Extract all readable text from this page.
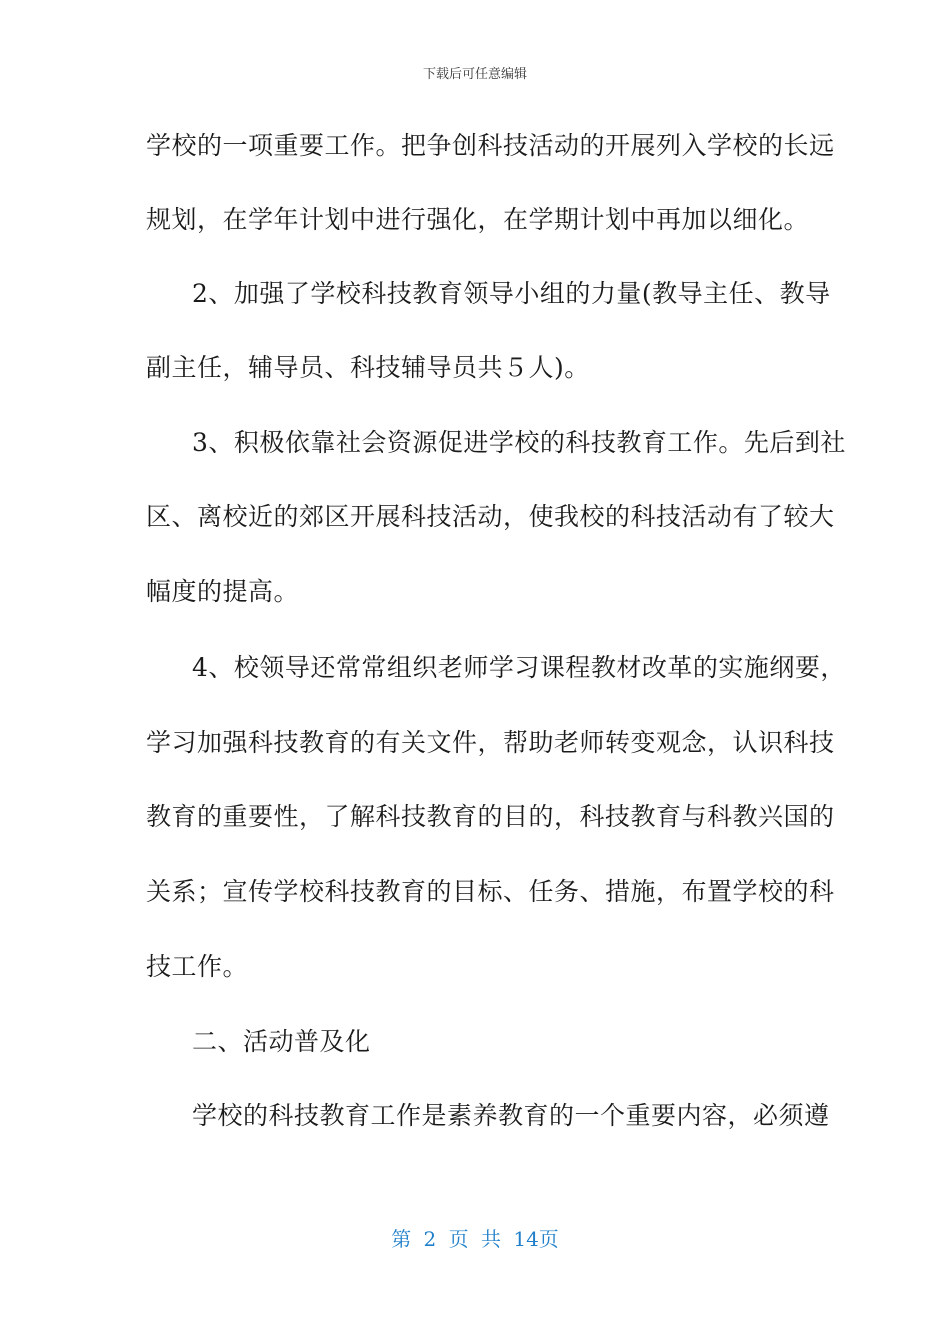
下载后可任意编辑
学校的一项重要工作。把争创科技活动的开展列入学校的长远
规划，在学年计划中进行强化，在学期计划中再加以细化。
2、加强了学校科技教育领导小组的力量(教导主任、教导
副主任，辅导员、科技辅导员共５人)。
3、积极依靠社会资源促进学校的科技教育工作。先后到社
区、离校近的郊区开展科技活动，使我校的科技活动有了较大
幅度的提高。
4、校领导还常常组织老师学习课程教材改革的实施纲要，
学习加强科技教育的有关文件，帮助老师转变观念，认识科技
教育的重要性，了解科技教育的目的，科技教育与科教兴国的
关系；宣传学校科技教育的目标、任务、措施，布置学校的科
技工作。
二、活动普及化
学校的科技教育工作是素养教育的一个重要内容，必须遵
第 2 页 共 14页
